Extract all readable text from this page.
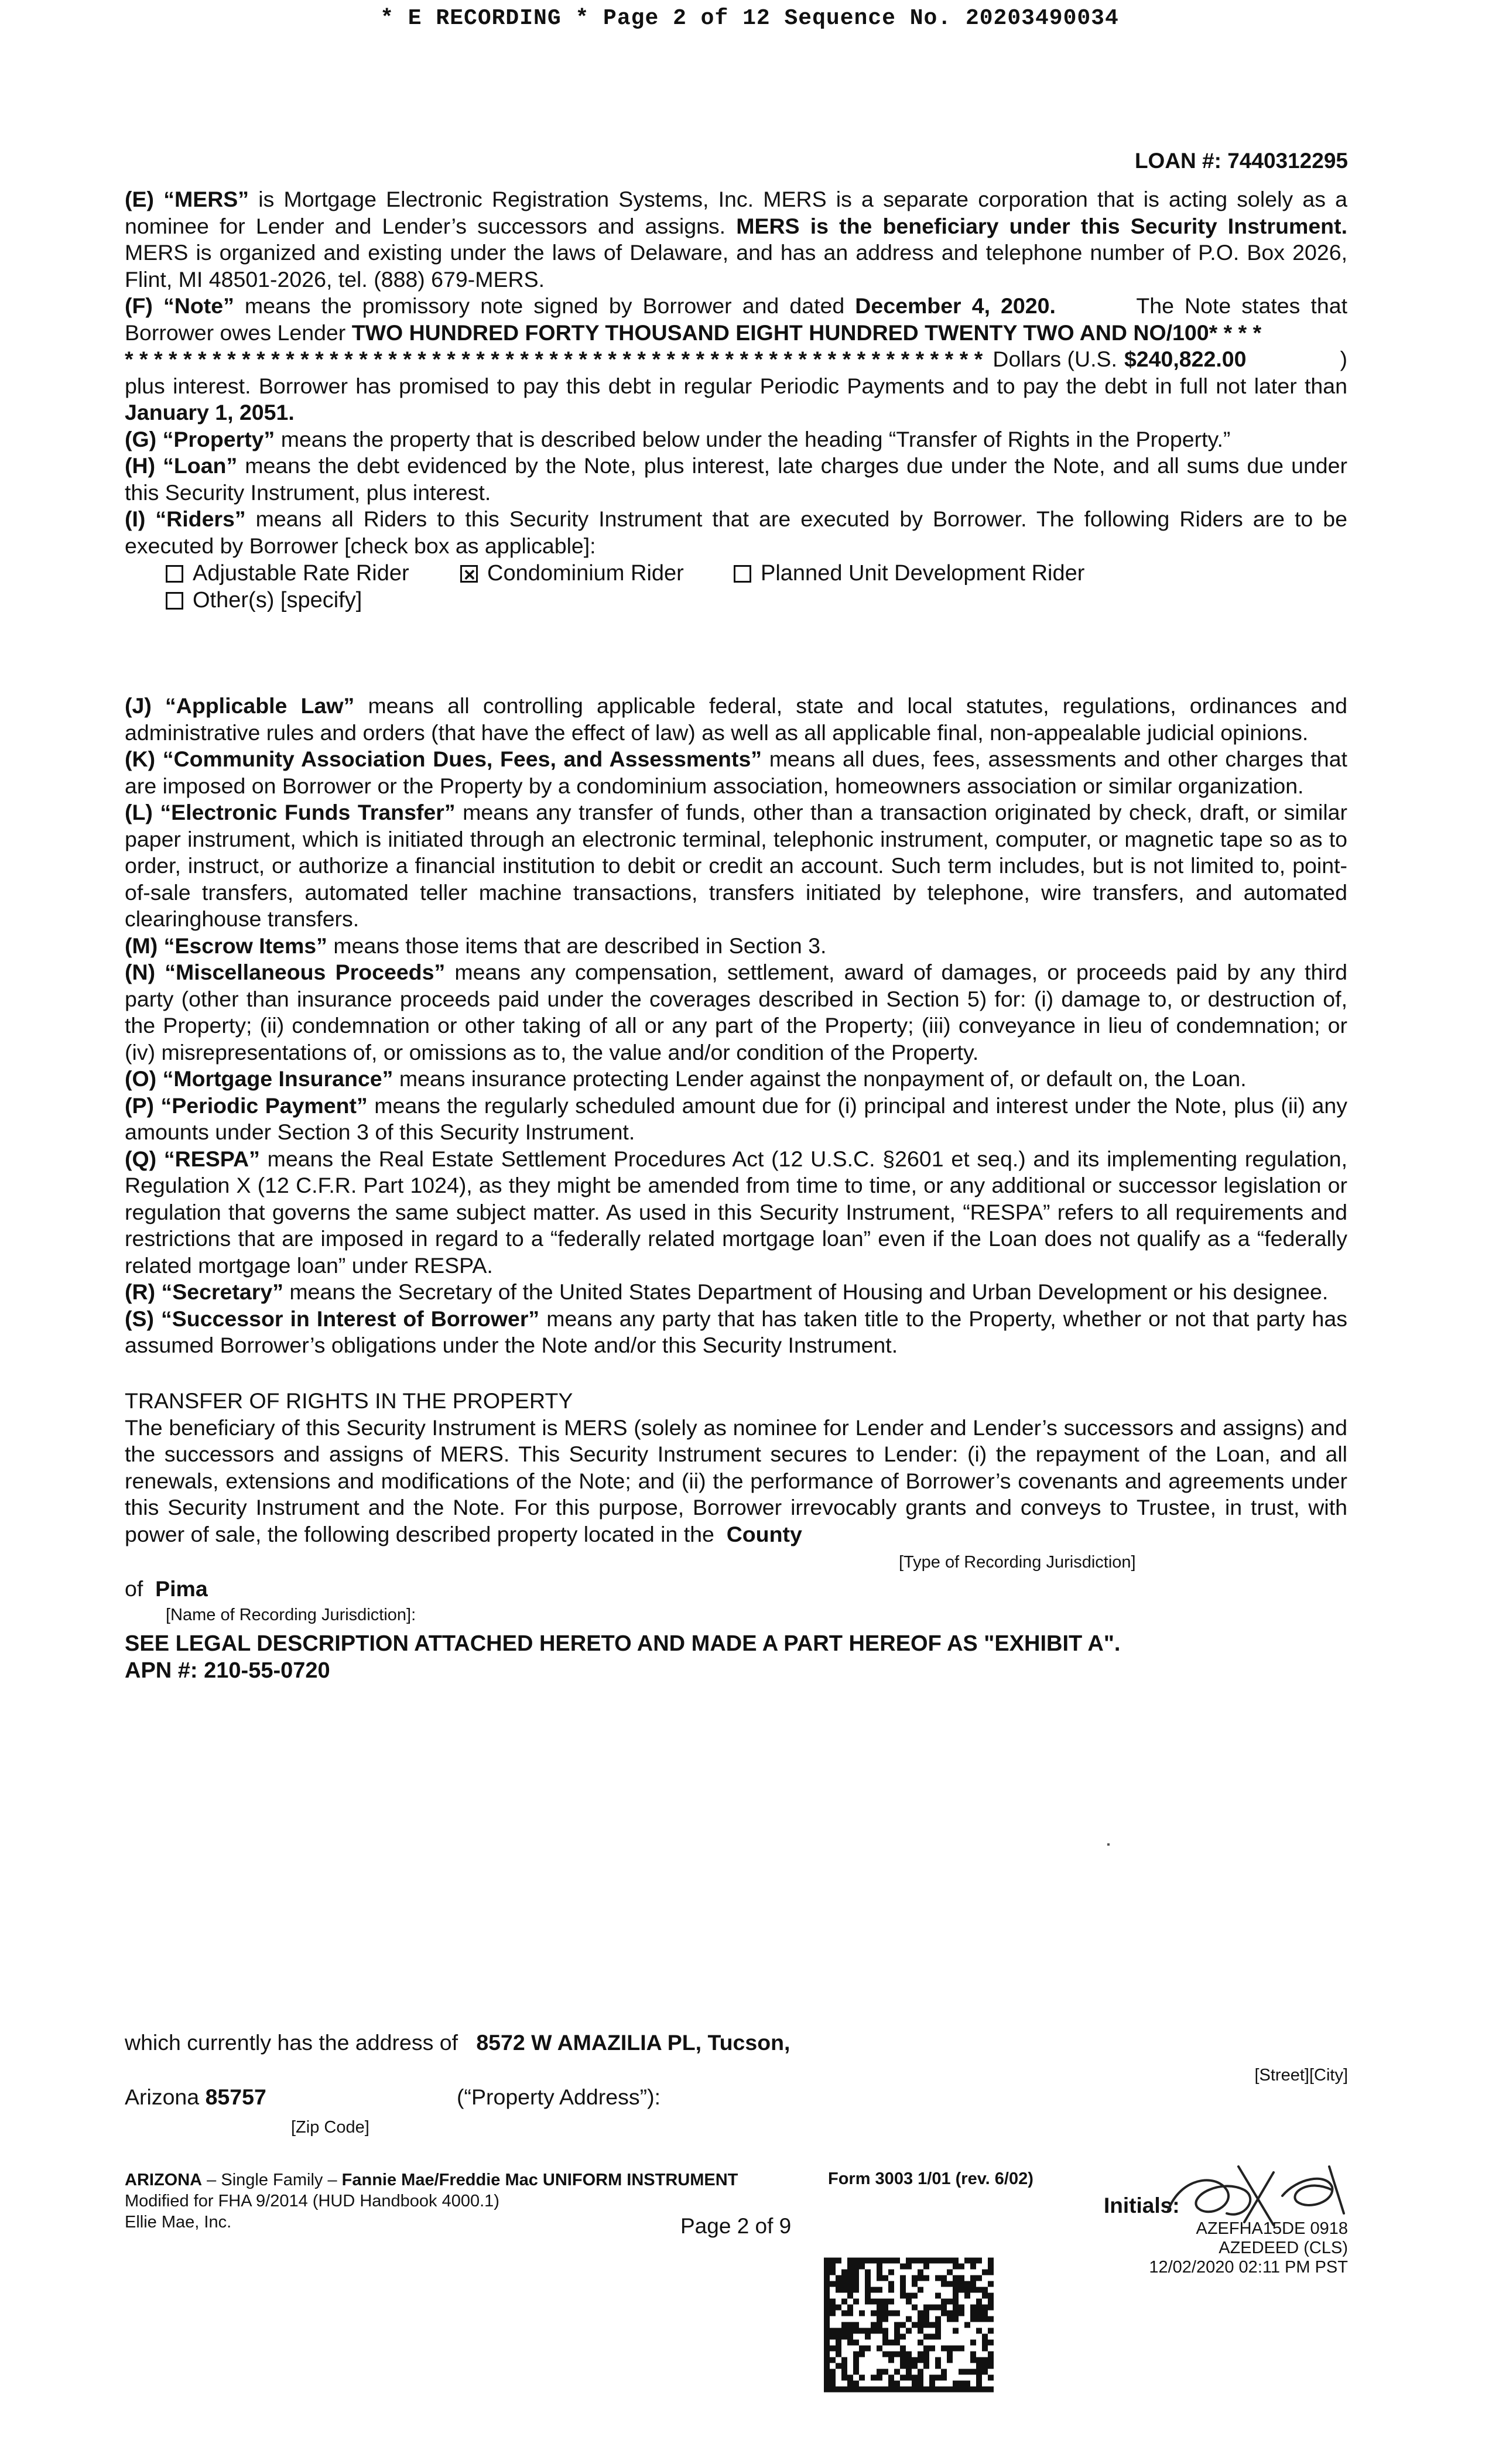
* E RECORDING * Page 2 of 12 Sequence No. 20203490034
LOAN #: 7440312295

(E) “MERS” is Mortgage Electronic Registration Systems, Inc. MERS is a separate corporation that is acting solely as a nominee for Lender and Lender’s successors and assigns. MERS is the beneficiary under this Security Instrument. MERS is organized and existing under the laws of Delaware, and has an address and telephone number of P.O. Box 2026, Flint, MI 48501-2026, tel. (888) 679-MERS.

(F) “Note” means the promissory note signed by Borrower and dated December 4, 2020.	The Note states that Borrower owes Lender TWO HUNDRED FORTY THOUSAND EIGHT HUNDRED TWENTY TWO AND NO/100* * * *

* * * * * * * * * * * * * * * * * * * * * * * * * * * * * * * * * * * * * * * * * * * * * * * * * * * * * * * * * * * Dollars (U.S. $240,822.00	)

plus interest. Borrower has promised to pay this debt in regular Periodic Payments and to pay the debt in full not later than January 1, 2051.

(G) “Property” means the property that is described below under the heading “Transfer of Rights in the Property.”

(H) “Loan” means the debt evidenced by the Note, plus interest, late charges due under the Note, and all sums due under this Security Instrument, plus interest.

(I) “Riders” means all Riders to this Security Instrument that are executed by Borrower. The following Riders are to be executed by Borrower [check box as applicable]:

Adjustable Rate Rider
×	Condominium Rider	Planned Unit Development Rider
Other(s) [specify]

(J) “Applicable Law” means all controlling applicable federal, state and local statutes, regulations, ordinances and administrative rules and orders (that have the effect of law) as well as all applicable final, non-appealable judicial opinions.

(K) “Community Association Dues, Fees, and Assessments” means all dues, fees, assessments and other charges that are imposed on Borrower or the Property by a condominium association, homeowners association or similar organization.

(L) “Electronic Funds Transfer” means any transfer of funds, other than a transaction originated by check, draft, or similar paper instrument, which is initiated through an electronic terminal, telephonic instrument, computer, or magnetic tape so as to order, instruct, or authorize a financial institution to debit or credit an account. Such term includes, but is not limited to, point-of-sale transfers, automated teller machine transactions, transfers initiated by telephone, wire transfers, and automated clearinghouse transfers.

(M) “Escrow Items” means those items that are described in Section 3.

(N) “Miscellaneous Proceeds” means any compensation, settlement, award of damages, or proceeds paid by any third party (other than insurance proceeds paid under the coverages described in Section 5) for: (i) damage to, or destruction of, the Property; (ii) condemnation or other taking of all or any part of the Property; (iii) conveyance in lieu of condemnation; or (iv) misrepresentations of, or omissions as to, the value and/or condition of the Property.

(O) “Mortgage Insurance” means insurance protecting Lender against the nonpayment of, or default on, the Loan.

(P) “Periodic Payment” means the regularly scheduled amount due for (i) principal and interest under the Note, plus (ii) any amounts under Section 3 of this Security Instrument.

(Q) “RESPA” means the Real Estate Settlement Procedures Act (12 U.S.C. §2601 et seq.) and its implementing regulation, Regulation X (12 C.F.R. Part 1024), as they might be amended from time to time, or any additional or successor legislation or regulation that governs the same subject matter. As used in this Security Instrument, “RESPA” refers to all requirements and restrictions that are imposed in regard to a “federally related mortgage loan” even if the Loan does not qualify as a “federally related mortgage loan” under RESPA.

(R) “Secretary” means the Secretary of the United States Department of Housing and Urban Development or his designee.

(S) “Successor in Interest of Borrower” means any party that has taken title to the Property, whether or not that party has assumed Borrower’s obligations under the Note and/or this Security Instrument.

TRANSFER OF RIGHTS IN THE PROPERTY

The beneficiary of this Security Instrument is MERS (solely as nominee for Lender and Lender’s successors and assigns) and the successors and assigns of MERS. This Security Instrument secures to Lender: (i) the repayment of the Loan, and all renewals, extensions and modifications of the Note; and (ii) the performance of Borrower’s covenants and agreements under this Security Instrument and the Note. For this purpose, Borrower irrevocably grants and conveys to Trustee, in trust, with power of sale, the following described property located in the County

[Type of Recording Jurisdiction]
of Pima
[Name of Recording Jurisdiction]:
SEE LEGAL DESCRIPTION ATTACHED HERETO AND MADE A PART HEREOF AS "EXHIBIT A".
APN #: 210-55-0720
which currently has the address of 8572 W AMAZILIA PL, Tucson,
[Street][City]
Arizona 85757	(“Property Address”):
[Zip Code]
ARIZONA – Single Family – Fannie Mae/Freddie Mac UNIFORM INSTRUMENT
Modified for FHA 9/2014 (HUD Handbook 4000.1)
Ellie Mae, Inc.
Form 3003 1/01 (rev. 6/02)
Page 2 of 9
Initials:
AZEFHA15DE 0918
AZEDEED (CLS)
12/02/2020 02:11 PM PST
